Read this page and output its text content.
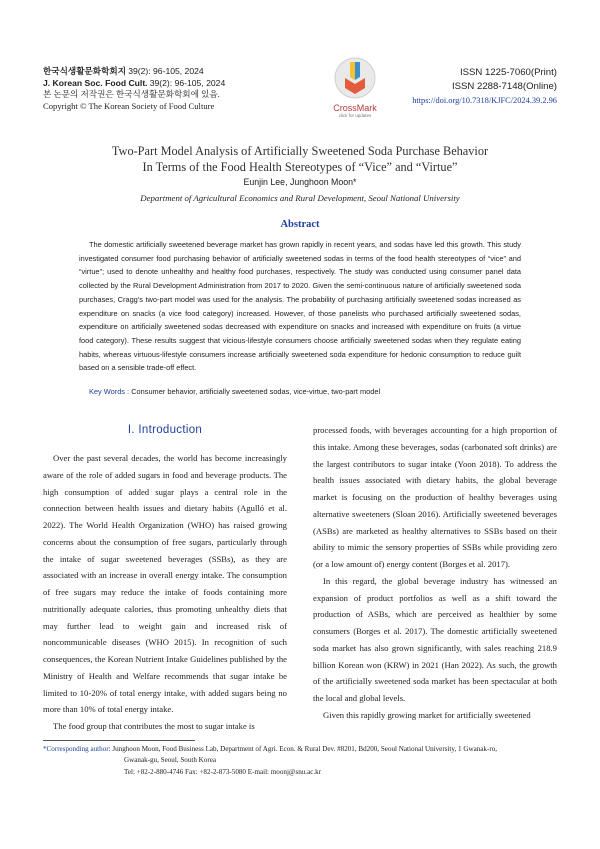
한국식생활문화학회지 39(2): 96-105, 2024
J. Korean Soc. Food Cult. 39(2): 96-105, 2024
본 논문의 저작권은 한국식생활문화학회에 있음.
Copyright © The Korean Society of Food Culture	CrossMark
click for updates
ISSN 1225-7060(Print)
ISSN 2288-7148(Online)
https://doi.org/10.7318/KJFC/2024.39.2.96
Two-Part Model Analysis of Artificially Sweetened Soda Purchase Behavior
In Terms of the Food Health Stereotypes of “Vice” and “Virtue”
Eunjin Lee, Junghoon Moon*
Department of Agricultural Economics and Rural Development, Seoul National University
Abstract
The domestic artificially sweetened beverage market has grown rapidly in recent years, and sodas have led this growth. This study investigated consumer food purchasing behavior of artificially sweetened sodas in terms of the food health stereotypes of “vice” and “virtue”; used to denote unhealthy and healthy food purchases, respectively. The study was conducted using consumer panel data collected by the Rural Development Administration from 2017 to 2020. Given the semi-continuous nature of artificially sweetened soda purchases, Cragg’s two-part model was used for the analysis. The probability of purchasing artificially sweetened sodas increased as expenditure on snacks (a vice food category) increased. However, of those panelists who purchased artificially sweetened sodas, expenditure on artificially sweetened sodas decreased with expenditure on snacks and increased with expenditure on fruits (a virtue food category). These results suggest that vicious-lifestyle consumers choose artificially sweetened sodas when they regulate eating habits, whereas virtuous-lifestyle consumers increase artificially sweetened soda expenditure for hedonic consumption to reduce guilt based on a sensible trade-off effect.
Key Words : Consumer behavior, artificially sweetened sodas, vice-virtue, two-part model
I. Introduction

Over the past several decades, the world has become increasingly aware of the role of added sugars in food and beverage products. The high consumption of added sugar plays a central role in the connection between health issues and dietary habits (Agulló et al. 2022). The World Health Organization (WHO) has raised growing concerns about the consumption of free sugars, particularly through the intake of sugar sweetened beverages (SSBs), as they are associated with an increase in overall energy intake. The consumption of free sugars may reduce the intake of foods containing more nutritionally adequate calories, thus promoting unhealthy diets that may further lead to weight gain and increased risk of noncommunicable diseases (WHO 2015). In recognition of such consequences, the Korean Nutrient Intake Guidelines published by the Ministry of Health and Welfare recommends that sugar intake be limited to 10-20% of total energy intake, with added sugars being no more than 10% of total energy intake.

The food group that contributes the most to sugar intake is

processed foods, with beverages accounting for a high proportion of this intake. Among these beverages, sodas (carbonated soft drinks) are the largest contributors to sugar intake (Yoon 2018). To address the health issues associated with dietary habits, the global beverage market is focusing on the production of healthy beverages using alternative sweeteners (Sloan 2016). Artificially sweetened beverages (ASBs) are marketed as healthy alternatives to SSBs based on their ability to mimic the sensory properties of SSBs while providing zero (or a low amount of) energy content (Borges et al. 2017).

In this regard, the global beverage industry has witnessed an expansion of product portfolios as well as a shift toward the production of ASBs, which are perceived as healthier by some consumers (Borges et al. 2017). The domestic artificially sweetened soda market has also grown significantly, with sales reaching 218.9 billion Korean won (KRW) in 2021 (Han 2022). As such, the growth of the artificially sweetened soda market has been spectacular at both the local and global levels.

Given this rapidly growing market for artificially sweetened

*Corresponding author: Junghoon Moon, Food Business Lab, Department of Agri. Econ. & Rural Dev. #8201, Bd200, Seoul National University, 1 Gwanak-ro,
Gwanak-gu, Seoul, South Korea
Tel: +82-2-880-4746 Fax: +82-2-873-5080 E-mail: moonj@snu.ac.kr
